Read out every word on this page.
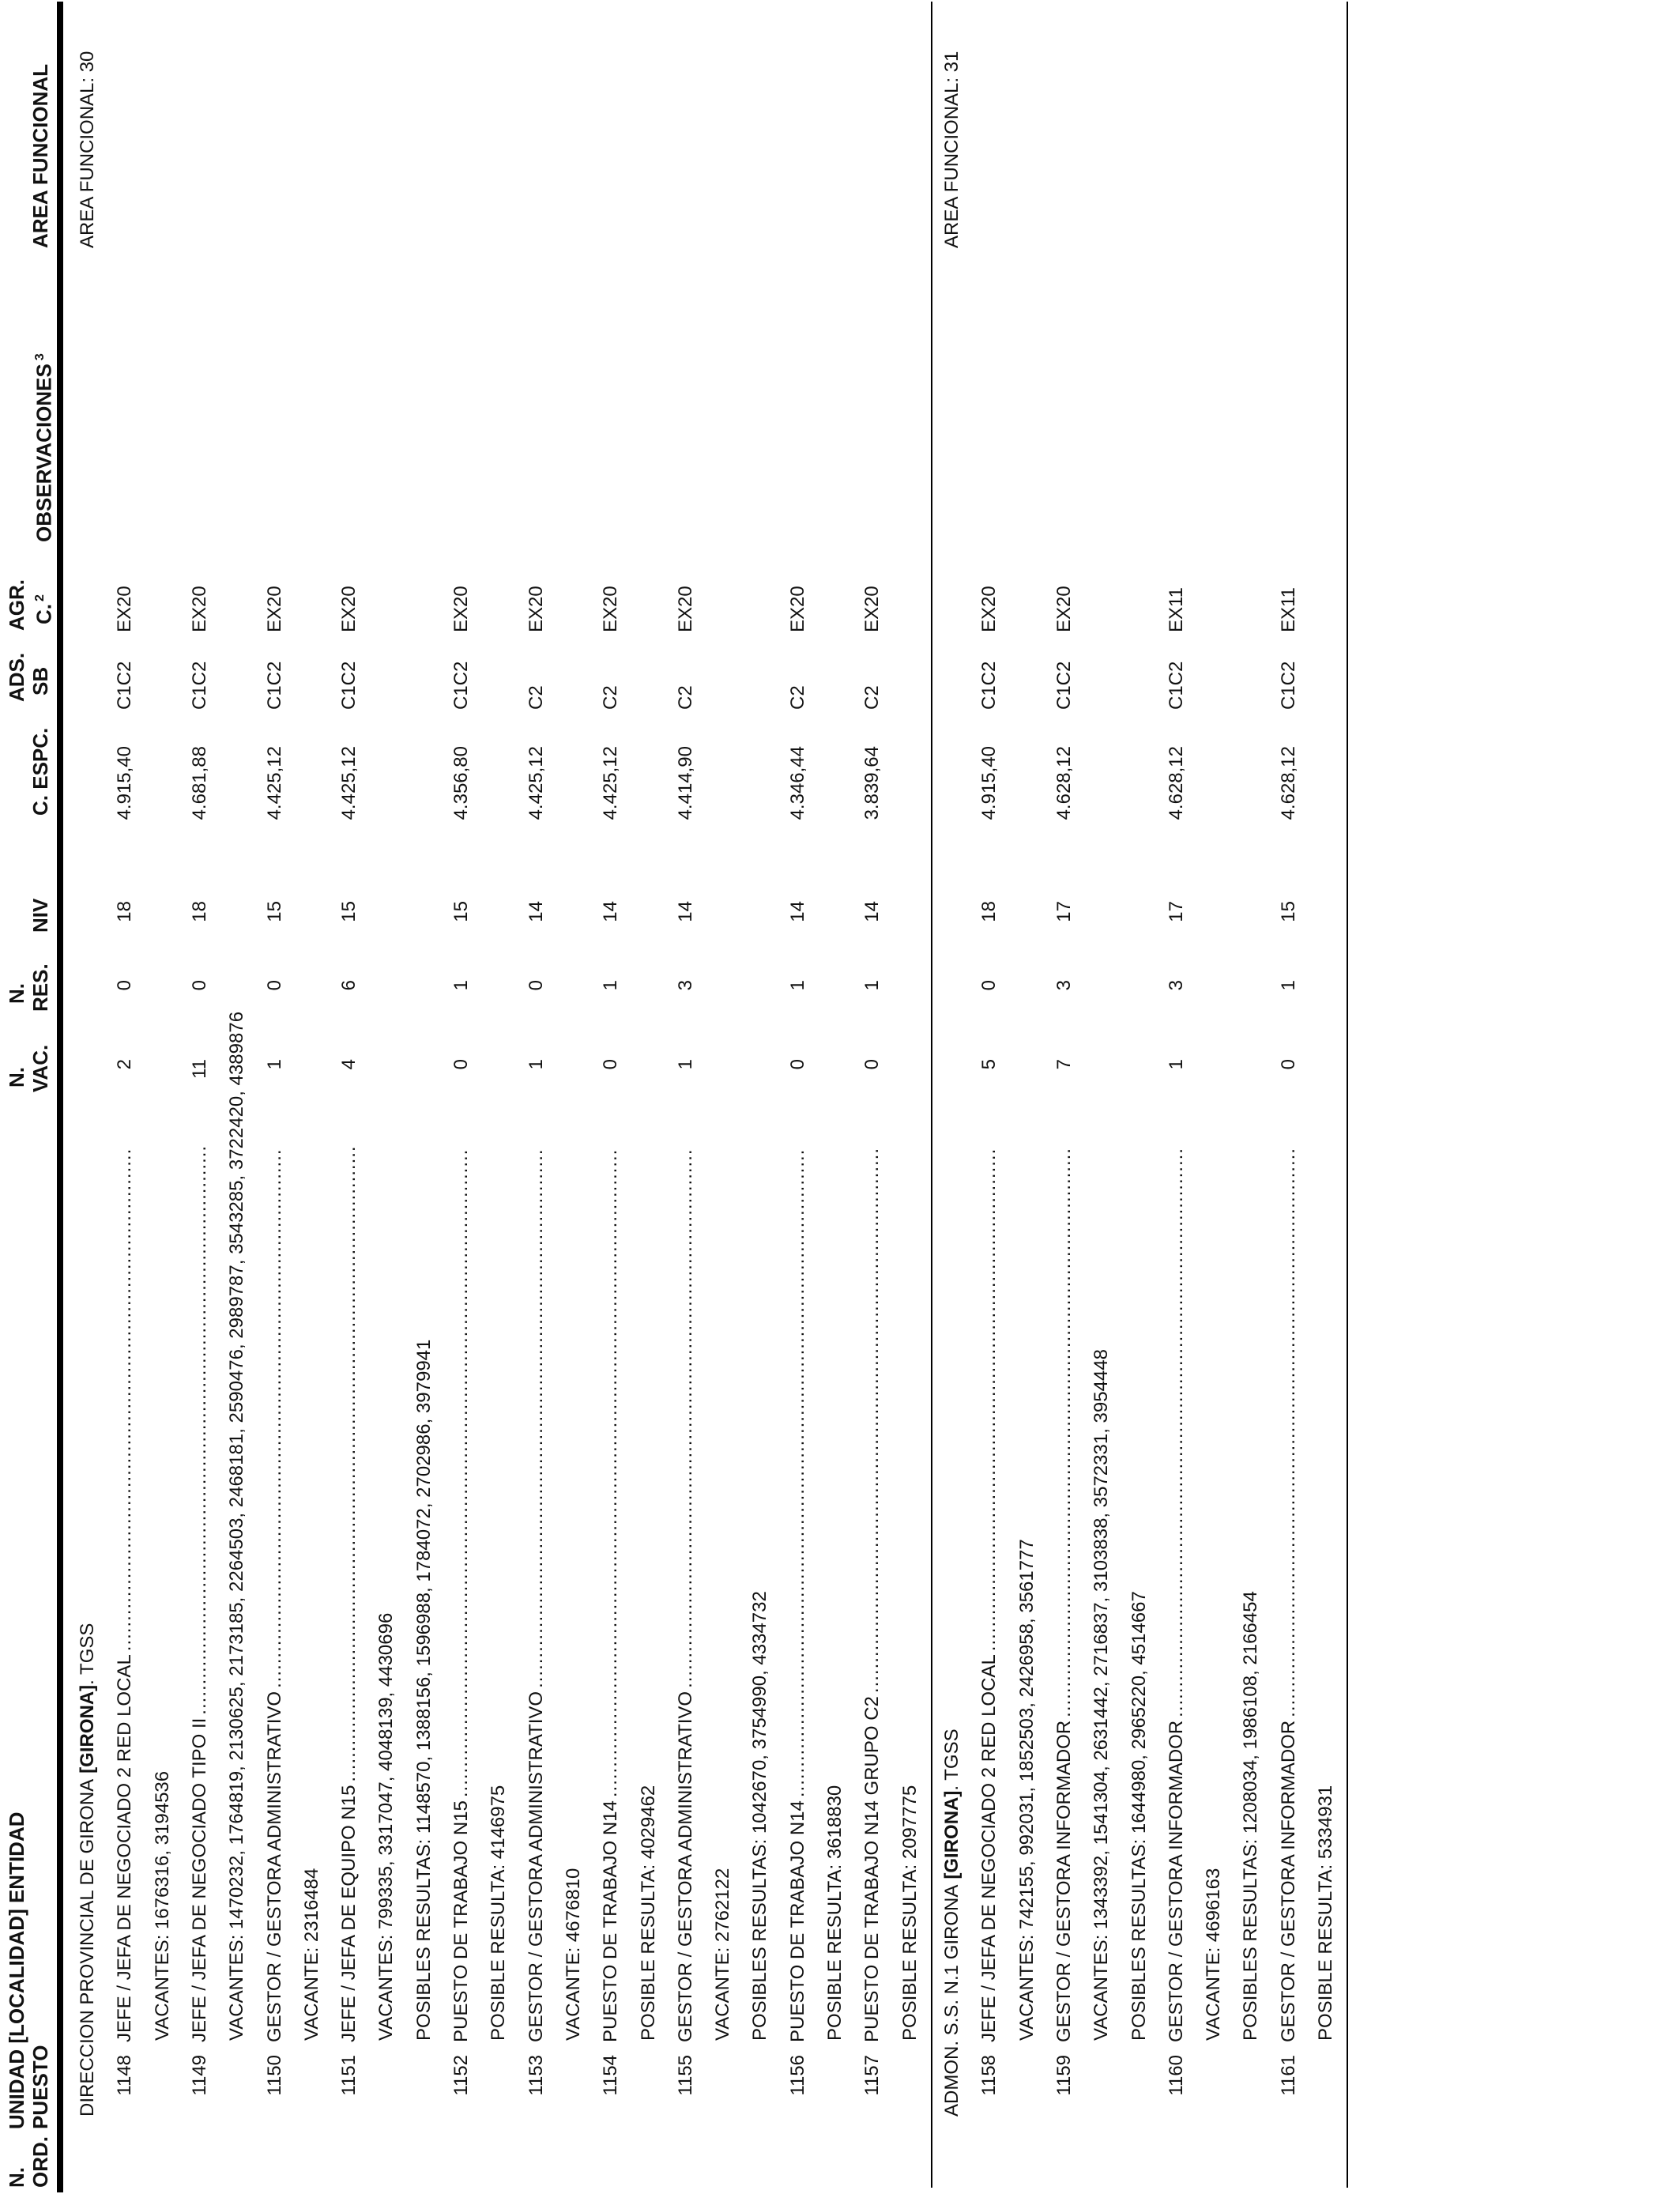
N. ORD.
UNIDAD [LOCALIDAD] ENTIDAD PUESTO
N. VAC.
N. RES.
NIV
C. ESPC.
ADS. SB
AGR. C.$^2$
OBSERVACIONES$^3$
AREA FUNCIONAL
DIRECCION PROVINCIAL DE GIRONA[GIRONA]. TGSS
AREA FUNCIONAL: 30
1148
JEFE / JEFA DE NEGOCIADO 2 RED LOCAL
.....
2
0
18
4.915,40
C1C2
EX20
VACANTES: 1676316, 3194536
1149
JEFE / JEFA DE NEGOCIADO TIPO II
.....
11
0
18
4.681,88
C1C2
EX20
VACANTES: 1470232, 1764819, 2130625, 2173185, 2264503, 2468181, 2590476, 2989787, 3543285, 3722420, 4389876
1150
GESTOR / GESTORA ADMINISTRATIVO
.....
1
0
15
4.425,12
C1C2
EX20
VACANTE: 2316484
1151
JEFE / JEFA DE EQUIPO N15
.....
4
6
15
4.425,12
C1C2
EX20
VACANTES: 799335, 3317047, 4048139, 4430696 POSIBLES RESULTAS: 1148570, 1388156, 1596988, 1784072, 2702986, 3979941
1152
PUESTO DE TRABAJO N15
.....
0
1
15
4.356,80
C1C2
EX20
POSIBLE RESULTA: 4146975
1153
GESTOR / GESTORA ADMINISTRATIVO
.....
1
0
14
4.425,12
C2
EX20
VACANTE: 4676810
1154
PUESTO DE TRABAJO N14
.....
0
1
14
4.425,12
C2
EX20
POSIBLE RESULTA: 4029462
1155
GESTOR / GESTORA ADMINISTRATIVO
.....
1
3
14
4.414,90
C2
EX20
VACANTE: 2762122 POSIBLES RESULTAS: 1042670, 3754990, 4334732
1156
PUESTO DE TRABAJO N14
.....
0
1
14
4.346,44
C2
EX20
POSIBLE RESULTA: 3618830
1157
PUESTO DE TRABAJO N14 GRUPO C2
.....
0
1
14
3.839,64
C2
EX20
POSIBLE RESULTA: 2097775 ADMON. S.S. N.1 GIRONA[GIRONA]. TGSS
AREA FUNCIONAL: 31
1158
JEFE / JEFA DE NEGOCIADO 2 RED LOCAL
.....
5
0
18
4.915,40
C1C2
EX20
VACANTES: 742155, 992031, 1852503, 2426958, 3561777
1159
GESTOR / GESTORA INFORMADOR
.....
7
3
17
4.628,12
C1C2
EX20
VACANTES: 1343392, 1541304, 2631442, 2716837, 3103838, 3572331, 3954448 POSIBLES RESULTAS: 1644980, 2965220, 4514667
1160
GESTOR / GESTORA INFORMADOR
.....
1
3
17
4.628,12
C1C2
EX11
VACANTE: 4696163 POSIBLES RESULTAS: 1208034, 1986108, 2166454
1161
GESTOR / GESTORA INFORMADOR
.....
0
1
15
4.628,12
C1C2
EX11
POSIBLE RESULTA: 5334931
